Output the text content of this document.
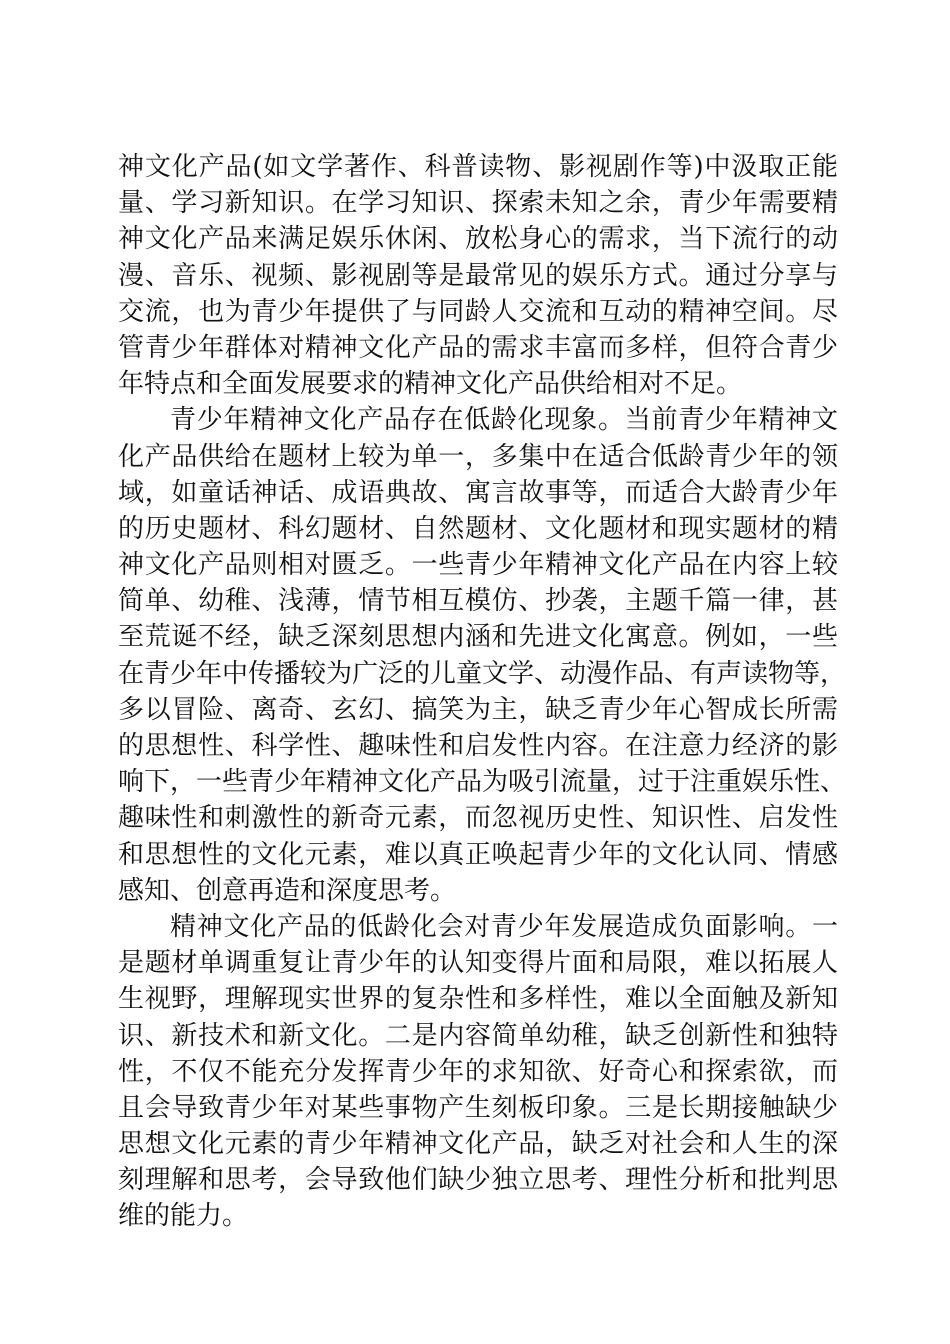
神文化产品(如文学著作、科普读物、影视剧作等)中汲取正能
量、学习新知识。在学习知识、探索未知之余，青少年需要精
神文化产品来满足娱乐休闲、放松身心的需求，当下流行的动
漫、音乐、视频、影视剧等是最常见的娱乐方式。通过分享与
交流，也为青少年提供了与同龄人交流和互动的精神空间。尽
管青少年群体对精神文化产品的需求丰富而多样，但符合青少
年特点和全面发展要求的精神文化产品供给相对不足。
青少年精神文化产品存在低龄化现象。当前青少年精神文
化产品供给在题材上较为单一，多集中在适合低龄青少年的领
域，如童话神话、成语典故、寓言故事等，而适合大龄青少年
的历史题材、科幻题材、自然题材、文化题材和现实题材的精
神文化产品则相对匮乏。一些青少年精神文化产品在内容上较
简单、幼稚、浅薄，情节相互模仿、抄袭，主题千篇一律，甚
至荒诞不经，缺乏深刻思想内涵和先进文化寓意。例如，一些
在青少年中传播较为广泛的儿童文学、动漫作品、有声读物等，
多以冒险、离奇、玄幻、搞笑为主，缺乏青少年心智成长所需
的思想性、科学性、趣味性和启发性内容。在注意力经济的影
响下，一些青少年精神文化产品为吸引流量，过于注重娱乐性、
趣味性和刺激性的新奇元素，而忽视历史性、知识性、启发性
和思想性的文化元素，难以真正唤起青少年的文化认同、情感
感知、创意再造和深度思考。
精神文化产品的低龄化会对青少年发展造成负面影响。一
是题材单调重复让青少年的认知变得片面和局限，难以拓展人
生视野，理解现实世界的复杂性和多样性，难以全面触及新知
识、新技术和新文化。二是内容简单幼稚，缺乏创新性和独特
性，不仅不能充分发挥青少年的求知欲、好奇心和探索欲，而
且会导致青少年对某些事物产生刻板印象。三是长期接触缺少
思想文化元素的青少年精神文化产品，缺乏对社会和人生的深
刻理解和思考，会导致他们缺少独立思考、理性分析和批判思
维的能力。
